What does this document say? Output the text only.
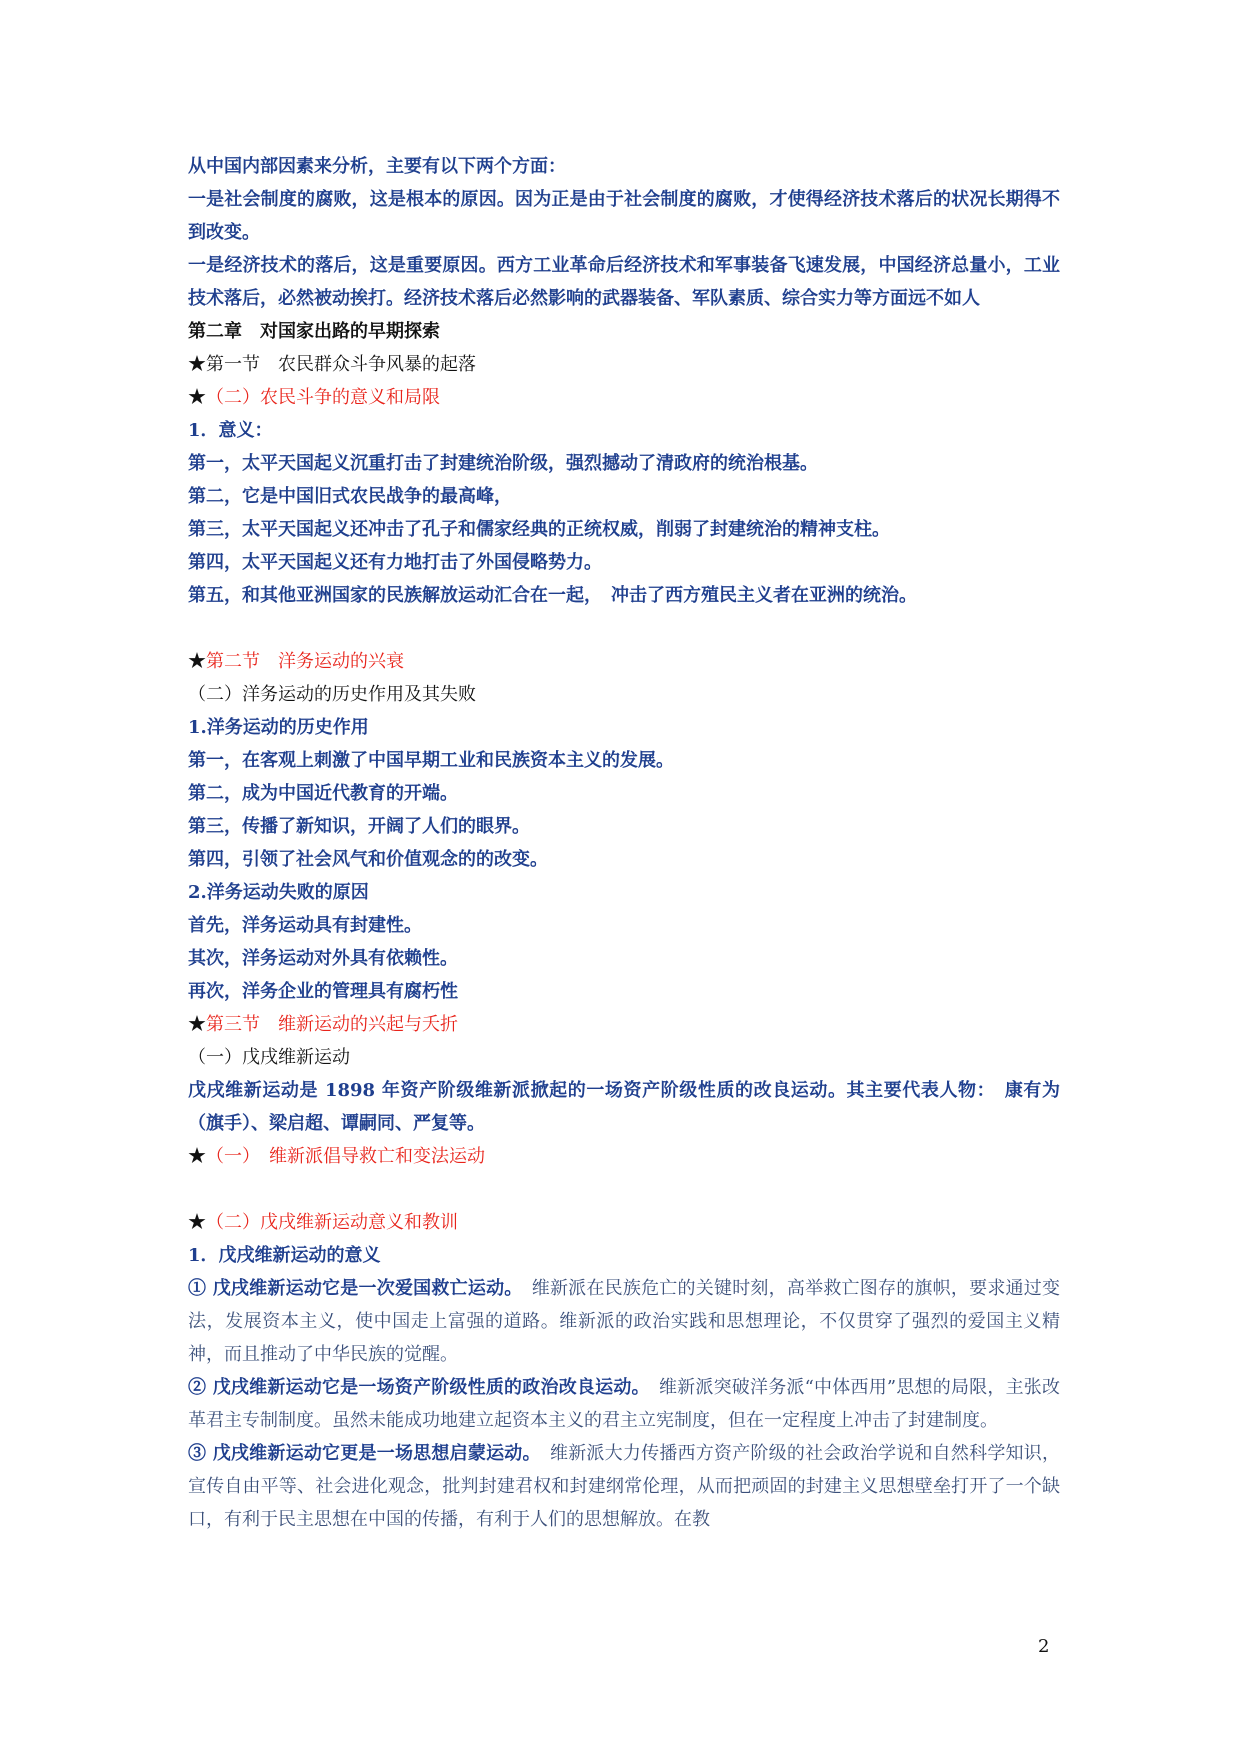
从中国内部因素来分析，主要有以下两个方面：
一是社会制度的腐败，这是根本的原因。因为正是由于社会制度的腐败，才使得经济技术落后的状况长期得不到改变。
一是经济技术的落后，这是重要原因。西方工业革命后经济技术和军事装备飞速发展，中国经济总量小，工业技术落后，必然被动挨打。经济技术落后必然影响的武器装备、军队素质、综合实力等方面远不如人
第二章　对国家出路的早期探索
★第一节　农民群众斗争风暴的起落
★（二）农民斗争的意义和局限
1．意义：
第一，太平天国起义沉重打击了封建统治阶级，强烈撼动了清政府的统治根基。
第二，它是中国旧式农民战争的最高峰，
第三，太平天国起义还冲击了孔子和儒家经典的正统权威，削弱了封建统治的精神支柱。
第四，太平天国起义还有力地打击了外国侵略势力。
第五，和其他亚洲国家的民族解放运动汇合在一起，　冲击了西方殖民主义者在亚洲的统治。
★第二节　洋务运动的兴衰
（二）洋务运动的历史作用及其失败
1.洋务运动的历史作用
第一，在客观上刺激了中国早期工业和民族资本主义的发展。
第二，成为中国近代教育的开端。
第三，传播了新知识，开阔了人们的眼界。
第四，引领了社会风气和价值观念的的改变。
2.洋务运动失败的原因
首先，洋务运动具有封建性。
其次，洋务运动对外具有依赖性。
再次，洋务企业的管理具有腐朽性
★第三节　维新运动的兴起与夭折
（一）戊戌维新运动
戊戌维新运动是 1898 年资产阶级维新派掀起的一场资产阶级性质的改良运动。其主要代表人物：　康有为（旗手）、梁启超、谭嗣同、严复等。
★（一）　维新派倡导救亡和变法运动
★（二）戊戌维新运动意义和教训
1．戊戌维新运动的意义
① 戊戌维新运动它是一次爱国救亡运动。　维新派在民族危亡的关键时刻，高举救亡图存的旗帜，要求通过变法，发展资本主义，使中国走上富强的道路。维新派的政治实践和思想理论，不仅贯穿了强烈的爱国主义精神，而且推动了中华民族的觉醒。
② 戊戌维新运动它是一场资产阶级性质的政治改良运动。　维新派突破洋务派“中体西用”思想的局限，主张改革君主专制制度。虽然未能成功地建立起资本主义的君主立宪制度，但在一定程度上冲击了封建制度。
③ 戊戌维新运动它更是一场思想启蒙运动。　维新派大力传播西方资产阶级的社会政治学说和自然科学知识，宣传自由平等、社会进化观念，批判封建君权和封建纲常伦理，从而把顽固的封建主义思想壁垒打开了一个缺口，有利于民主思想在中国的传播，有利于人们的思想解放。在教
2
